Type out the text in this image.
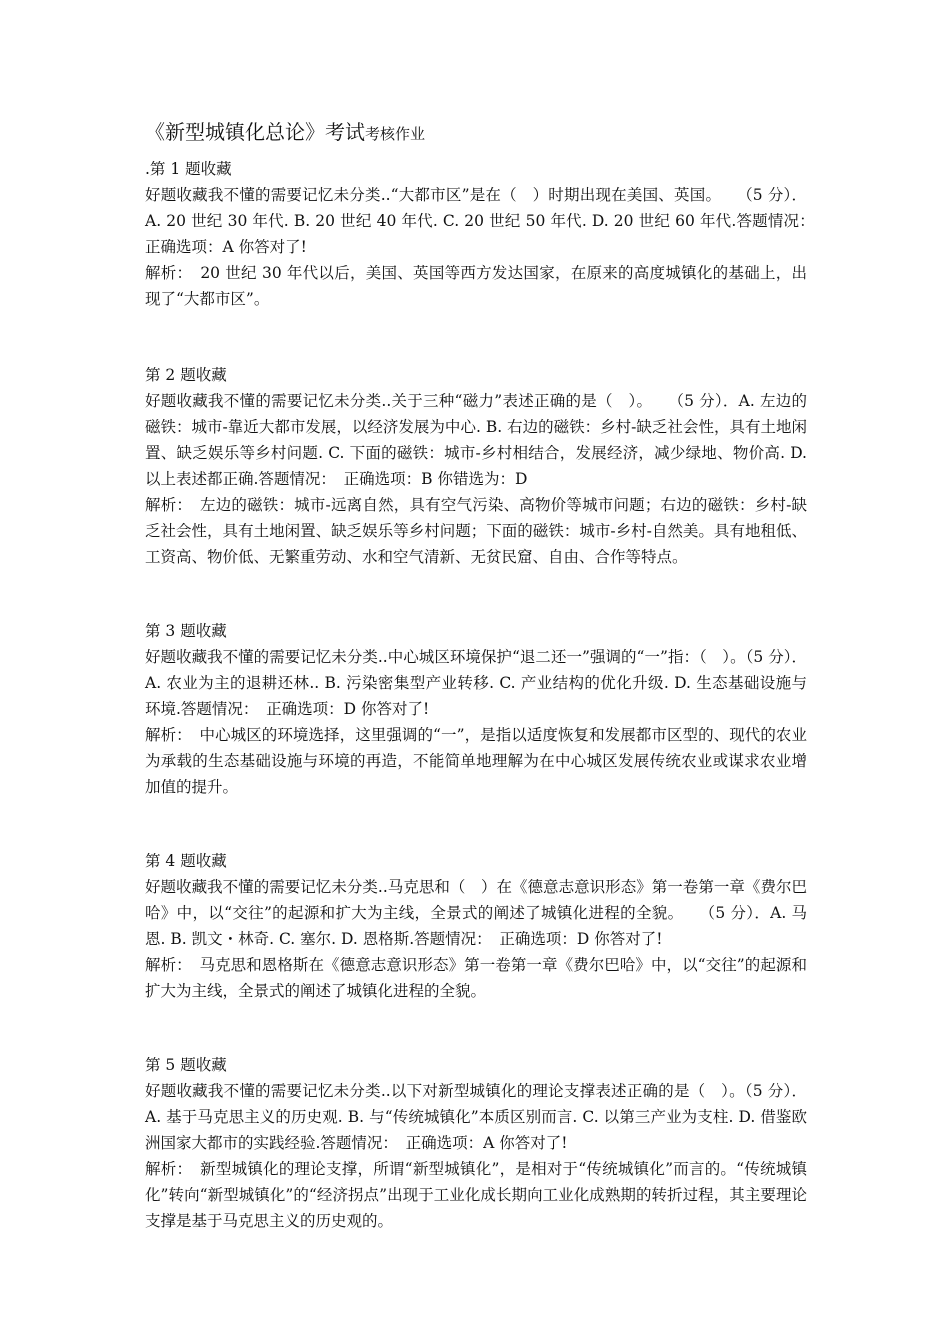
《新型城镇化总论》考试考核作业

.第 1 题收藏

好题收藏我不懂的需要记忆未分类..“大都市区”是在（　）时期出现在美国、英国。　　（5 分）．A. 20 世纪 30 年代. B. 20 世纪 40 年代. C. 20 世纪 50 年代. D. 20 世纪 60 年代.答题情况：　正确选项：A 你答对了!

解析：　20 世纪 30 年代以后，美国、英国等西方发达国家，在原来的高度城镇化的基础上，出现了“大都市区”。

第 2 题收藏

好题收藏我不懂的需要记忆未分类..关于三种“磁力”表述正确的是（　）。　　（5 分）．A. 左边的磁铁：城市-靠近大都市发展，以经济发展为中心. B. 右边的磁铁：乡村-缺乏社会性，具有土地闲置、缺乏娱乐等乡村问题. C. 下面的磁铁：城市-乡村相结合，发展经济，减少绿地、物价高. D. 以上表述都正确.答题情况：　正确选项：B 你错选为：D

解析：　左边的磁铁：城市-远离自然，具有空气污染、高物价等城市问题；右边的磁铁：乡村-缺乏社会性，具有土地闲置、缺乏娱乐等乡村问题；下面的磁铁：城市-乡村-自然美。具有地租低、工资高、物价低、无繁重劳动、水和空气清新、无贫民窟、自由、合作等特点。

第 3 题收藏

好题收藏我不懂的需要记忆未分类..中心城区环境保护“退二还一”强调的“一”指：（　）。（5 分）．A. 农业为主的退耕还林.. B. 污染密集型产业转移. C. 产业结构的优化升级. D. 生态基础设施与环境.答题情况：　正确选项：D 你答对了!

解析：　中心城区的环境选择，这里强调的“一”，是指以适度恢复和发展都市区型的、现代的农业为承载的生态基础设施与环境的再造，不能简单地理解为在中心城区发展传统农业或谋求农业增加值的提升。

第 4 题收藏

好题收藏我不懂的需要记忆未分类..马克思和（　）在《德意志意识形态》第一卷第一章《费尔巴哈》中，以“交往”的起源和扩大为主线，全景式的阐述了城镇化进程的全貌。　　（5 分）．A. 马恩. B. 凯文・林奇. C. 塞尔. D. 恩格斯.答题情况：　正确选项：D 你答对了!

解析：　马克思和恩格斯在《德意志意识形态》第一卷第一章《费尔巴哈》中，以“交往”的起源和扩大为主线，全景式的阐述了城镇化进程的全貌。

第 5 题收藏

好题收藏我不懂的需要记忆未分类..以下对新型城镇化的理论支撑表述正确的是（　）。（5 分）．A. 基于马克思主义的历史观. B. 与“传统城镇化”本质区别而言. C. 以第三产业为支柱. D. 借鉴欧洲国家大都市的实践经验.答题情况：　正确选项：A 你答对了!

解析：　新型城镇化的理论支撑，所谓“新型城镇化”，是相对于“传统城镇化”而言的。“传统城镇化”转向“新型城镇化”的“经济拐点”出现于工业化成长期向工业化成熟期的转折过程，其主要理论支撑是基于马克思主义的历史观的。
